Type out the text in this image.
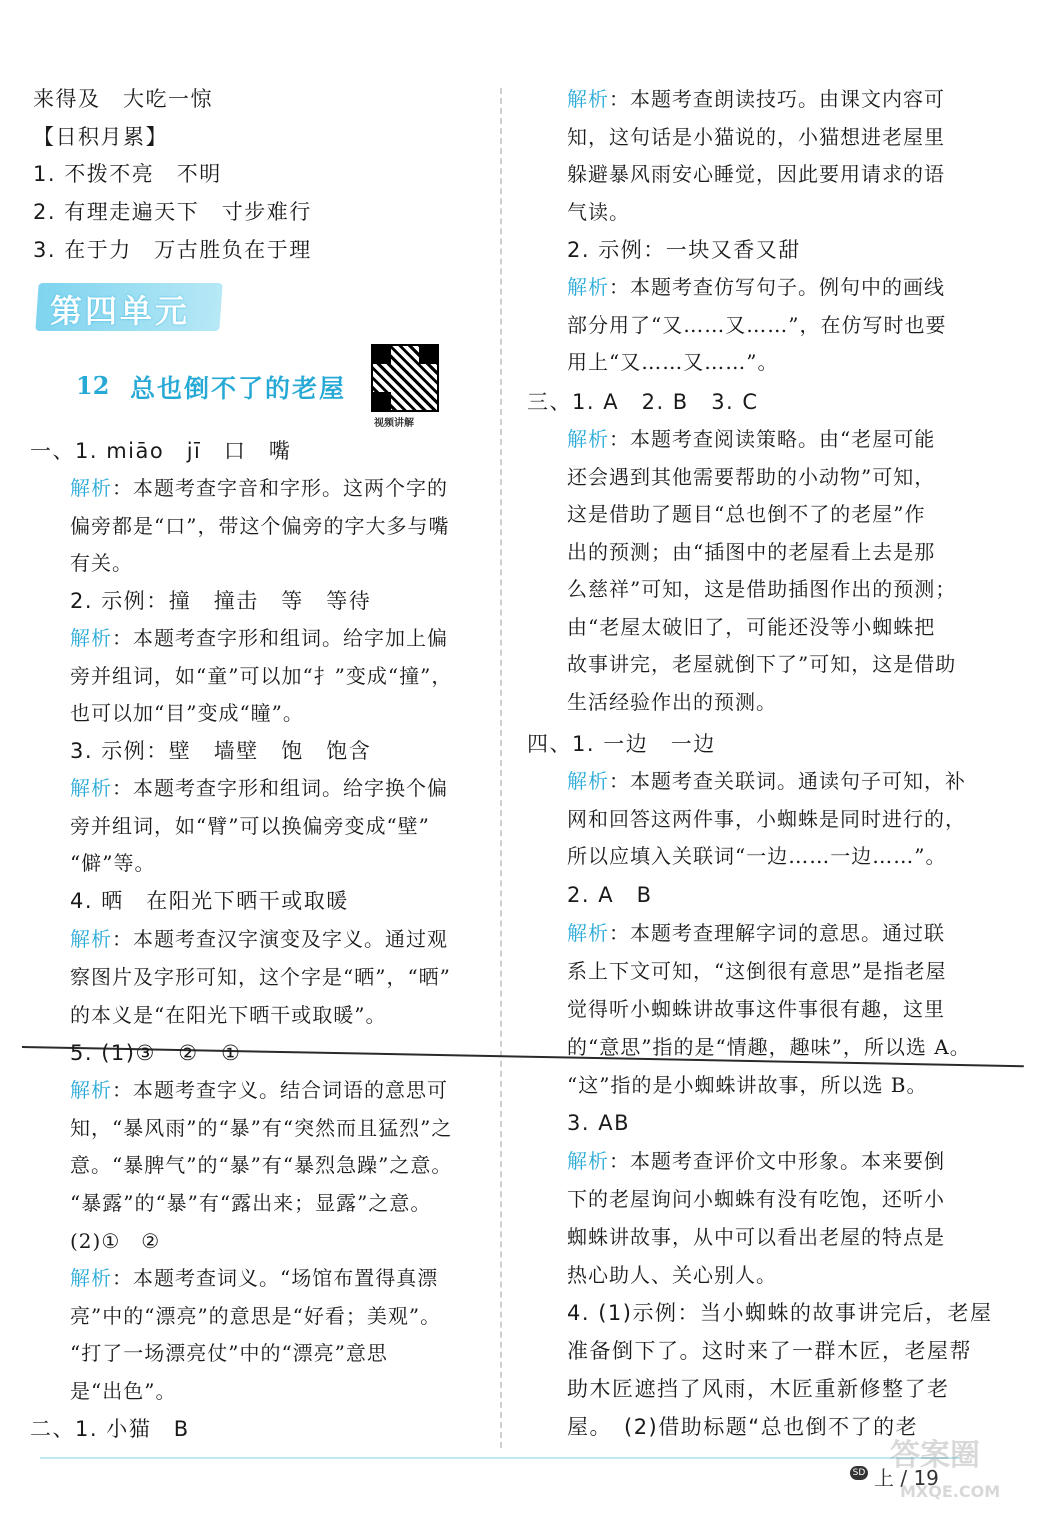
来得及　大吃一惊
【日积月累】
1. 不拨不亮　不明
2. 有理走遍天下　寸步难行
3. 在于力　万古胜负在于理
第四单元
12 总也倒不了的老屋
视频讲解
一、1. miāo　jī　口　嘴
解析：本题考查字音和字形。这两个字的
偏旁都是“口”，带这个偏旁的字大多与嘴
有关。
2. 示例：撞　撞击　等　等待
解析：本题考查字形和组词。给字加上偏
旁并组词，如“童”可以加“扌”变成“撞”，
也可以加“目”变成“瞳”。
3. 示例：壁　墙壁　饱　饱含
解析：本题考查字形和组词。给字换个偏
旁并组词，如“臂”可以换偏旁变成“壁”
“僻”等。
4. 晒　在阳光下晒干或取暖
解析：本题考查汉字演变及字义。通过观
察图片及字形可知，这个字是“晒”，“晒”
的本义是“在阳光下晒干或取暖”。
5. (1)③　②　①
解析：本题考查字义。结合词语的意思可
知，“暴风雨”的“暴”有“突然而且猛烈”之
意。“暴脾气”的“暴”有“暴烈急躁”之意。
“暴露”的“暴”有“露出来；显露”之意。
(2)①　②
解析：本题考查词义。“场馆布置得真漂
亮”中的“漂亮”的意思是“好看；美观”。
“打了一场漂亮仗”中的“漂亮”意思
是“出色”。
二、1. 小猫　B
解析：本题考查朗读技巧。由课文内容可
知，这句话是小猫说的，小猫想进老屋里
躲避暴风雨安心睡觉，因此要用请求的语
气读。
2. 示例：一块又香又甜
解析：本题考查仿写句子。例句中的画线
部分用了“又……又……”，在仿写时也要
用上“又……又……”。
三、1. A　2. B　3. C
解析：本题考查阅读策略。由“老屋可能
还会遇到其他需要帮助的小动物”可知，
这是借助了题目“总也倒不了的老屋”作
出的预测；由“插图中的老屋看上去是那
么慈祥”可知，这是借助插图作出的预测；
由“老屋太破旧了，可能还没等小蜘蛛把
故事讲完，老屋就倒下了”可知，这是借助
生活经验作出的预测。
四、1. 一边　一边
解析：本题考查关联词。通读句子可知，补
网和回答这两件事，小蜘蛛是同时进行的，
所以应填入关联词“一边……一边……”。
2. A　B
解析：本题考查理解字词的意思。通过联
系上下文可知，“这倒很有意思”是指老屋
觉得听小蜘蛛讲故事这件事很有趣，这里
的“意思”指的是“情趣，趣味”，所以选 A。
“这”指的是小蜘蛛讲故事，所以选 B。
3. AB
解析：本题考查评价文中形象。本来要倒
下的老屋询问小蜘蛛有没有吃饱，还听小
蜘蛛讲故事，从中可以看出老屋的特点是
热心助人、关心别人。
4. (1)示例：当小蜘蛛的故事讲完后，老屋
准备倒下了。这时来了一群木匠，老屋帮
助木匠遮挡了风雨，木匠重新修整了老
屋。　(2)借助标题“总也倒不了的老
SD 上 / 19
答案圈
MXQE.COM
